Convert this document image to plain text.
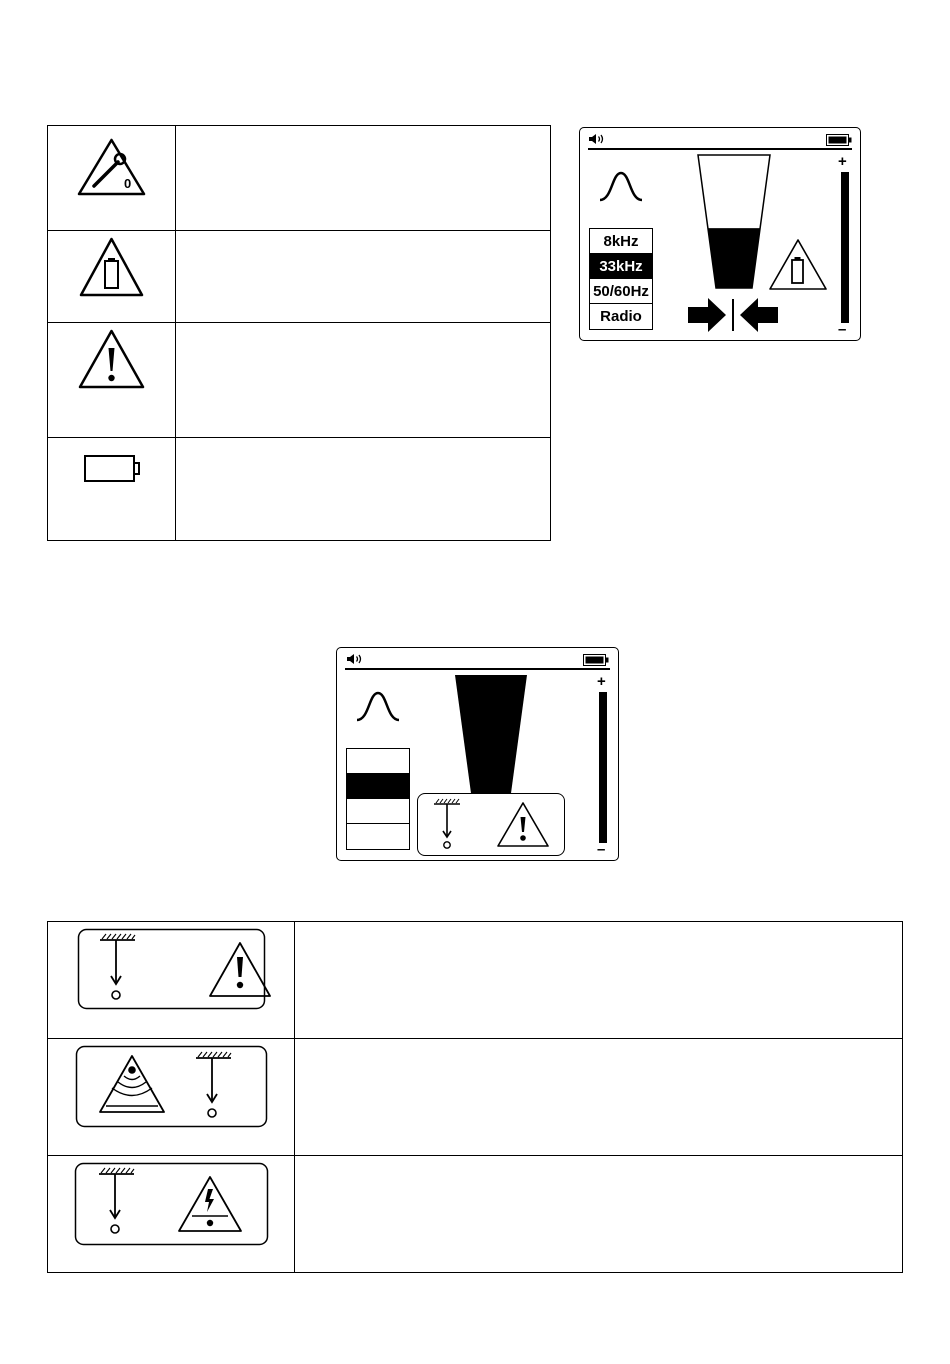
0	

8kHz
33kHz
50/60Hz
Radio
+
–
+
–
